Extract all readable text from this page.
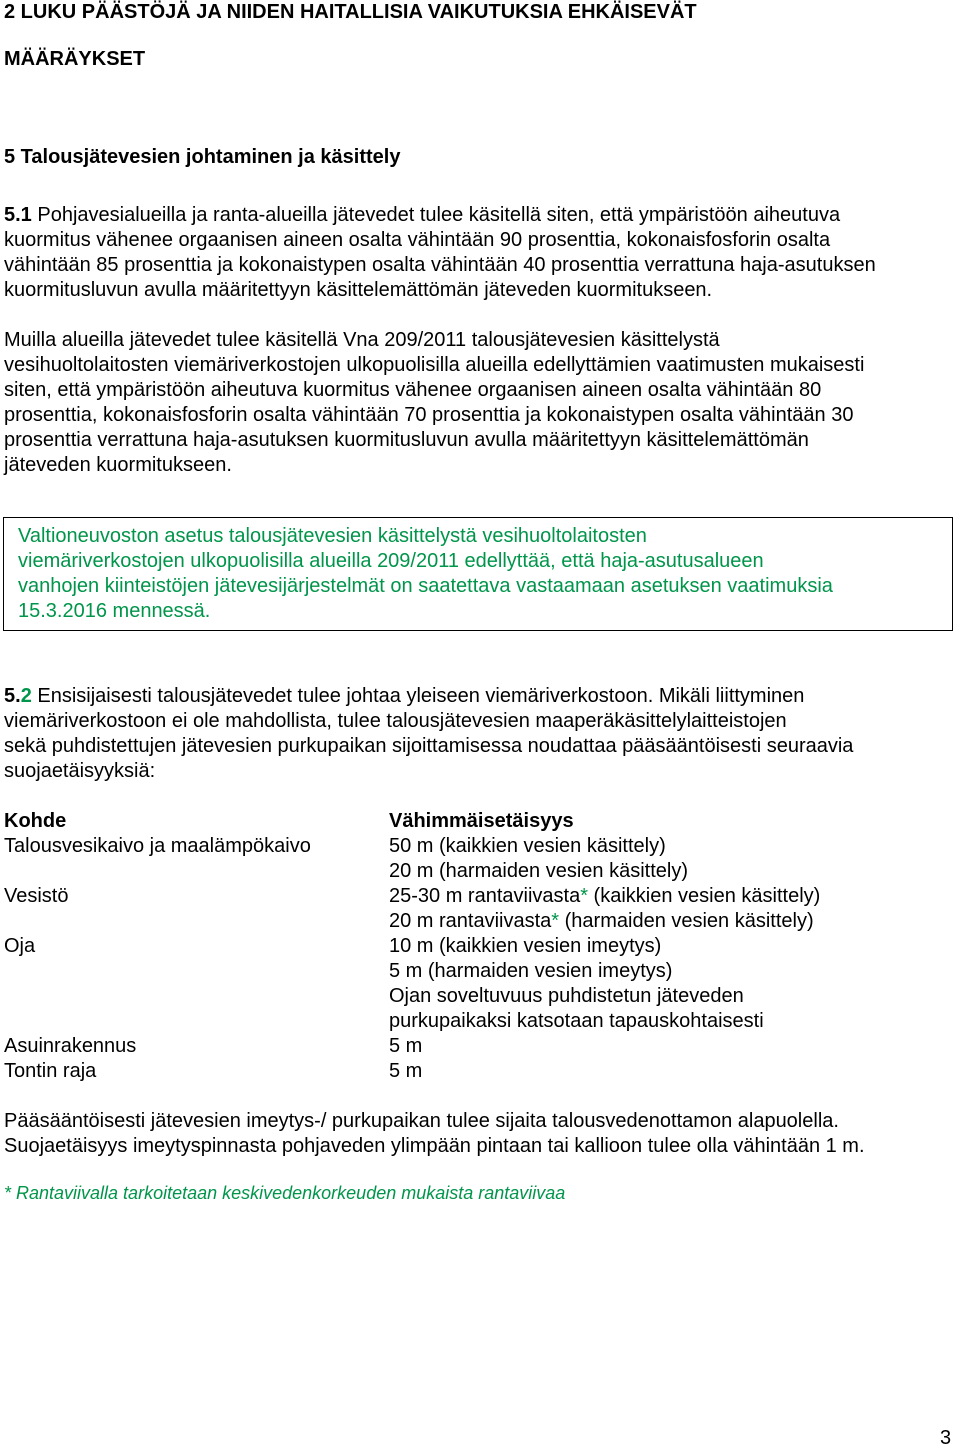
2 LUKU PÄÄSTÖJÄ JA NIIDEN HAITALLISIA VAIKUTUKSIA EHKÄISEVÄT
MÄÄRÄYKSET
5 Talousjätevesien johtaminen ja käsittely
5.1 Pohjavesialueilla ja ranta-alueilla jätevedet tulee käsitellä siten, että ympäristöön aiheutuva
kuormitus vähenee orgaanisen aineen osalta vähintään 90 prosenttia, kokonaisfosforin osalta
vähintään 85 prosenttia ja kokonaistypen osalta vähintään 40 prosenttia verrattuna haja-asutuksen
kuormitusluvun avulla määritettyyn käsittelemättömän jäteveden kuormitukseen.
Muilla alueilla jätevedet tulee käsitellä Vna 209/2011 talousjätevesien käsittelystä
vesihuoltolaitosten viemäriverkostojen ulkopuolisilla alueilla edellyttämien vaatimusten mukaisesti
siten, että ympäristöön aiheutuva kuormitus vähenee orgaanisen aineen osalta vähintään 80
prosenttia, kokonaisfosforin osalta vähintään 70 prosenttia ja kokonaistypen osalta vähintään 30
prosenttia verrattuna haja-asutuksen kuormitusluvun avulla määritettyyn käsittelemättömän
jäteveden kuormitukseen.
Valtioneuvoston asetus talousjätevesien käsittelystä vesihuoltolaitosten
viemäriverkostojen ulkopuolisilla alueilla 209/2011 edellyttää, että haja-asutusalueen
vanhojen kiinteistöjen jätevesijärjestelmät on saatettava vastaamaan asetuksen vaatimuksia
15.3.2016 mennessä.
5.2 Ensisijaisesti talousjätevedet tulee johtaa yleiseen viemäriverkostoon. Mikäli liittyminen
viemäriverkostoon ei ole mahdollista, tulee talousjätevesien maaperäkäsittelylaitteistojen
sekä puhdistettujen jätevesien purkupaikan sijoittamisessa noudattaa pääsääntöisesti seuraavia
suojaetäisyyksiä:
Kohde	Vähimmäisetäisyys
Talousvesikaivo ja maalämpökaivo	50 m (kaikkien vesien käsittely)
20 m (harmaiden vesien käsittely)
Vesistö	25-30 m rantaviivasta* (kaikkien vesien käsittely)
20 m rantaviivasta* (harmaiden vesien käsittely)
Oja	10 m (kaikkien vesien imeytys)
5 m (harmaiden vesien imeytys)
Ojan soveltuvuus puhdistetun jäteveden
purkupaikaksi katsotaan tapauskohtaisesti
Asuinrakennus	5 m
Tontin raja	5 m
Pääsääntöisesti jätevesien imeytys-/ purkupaikan tulee sijaita talousvedenottamon alapuolella.
Suojaetäisyys imeytyspinnasta pohjaveden ylimpään pintaan tai kallioon tulee olla vähintään 1 m.
* Rantaviivalla tarkoitetaan keskivedenkorkeuden mukaista rantaviivaa
3
